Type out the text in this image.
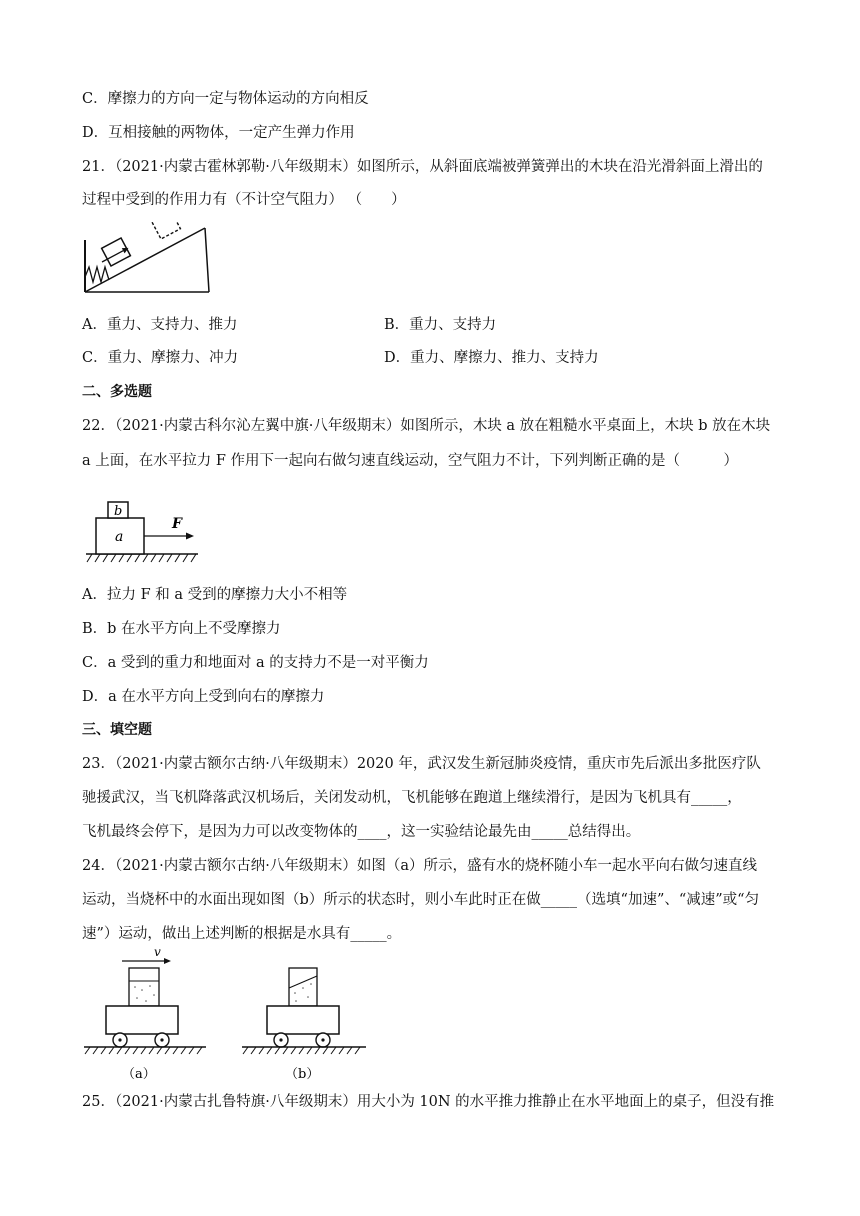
C．摩擦力的方向一定与物体运动的方向相反
D．互相接触的两物体，一定产生弹力作用
21．（2021·内蒙古霍林郭勒·八年级期末）如图所示，从斜面底端被弹簧弹出的木块在沿光滑斜面上滑出的
过程中受到的作用力有（不计空气阻力） （　　）
A．重力、支持力、推力	B．重力、支持力
C．重力、摩擦力、冲力	D．重力、摩擦力、推力、支持力
二、多选题
22．（2021·内蒙古科尔沁左翼中旗·八年级期末）如图所示，木块 a 放在粗糙水平桌面上，木块 b 放在木块
a 上面，在水平拉力 F 作用下一起向右做匀速直线运动，空气阻力不计，下列判断正确的是（　　　）
b
a
F
A．拉力 F 和 a 受到的摩擦力大小不相等
B．b 在水平方向上不受摩擦力
C．a 受到的重力和地面对 a 的支持力不是一对平衡力
D．a 在水平方向上受到向右的摩擦力
三、填空题
23．（2021·内蒙古额尔古纳·八年级期末）2020 年，武汉发生新冠肺炎疫情，重庆市先后派出多批医疗队
驰援武汉，当飞机降落武汉机场后，关闭发动机，飞机能够在跑道上继续滑行，是因为飞机具有_____，
飞机最终会停下，是因为力可以改变物体的____，这一实验结论最先由_____总结得出。
24．（2021·内蒙古额尔古纳·八年级期末）如图（a）所示，盛有水的烧杯随小车一起水平向右做匀速直线
运动，当烧杯中的水面出现如图（b）所示的状态时，则小车此时正在做_____（选填“加速”、“减速”或“匀
速”）运动，做出上述判断的根据是水具有_____。
v
（a）	（b）
25．（2021·内蒙古扎鲁特旗·八年级期末）用大小为 10N 的水平推力推静止在水平地面上的桌子，但没有推
